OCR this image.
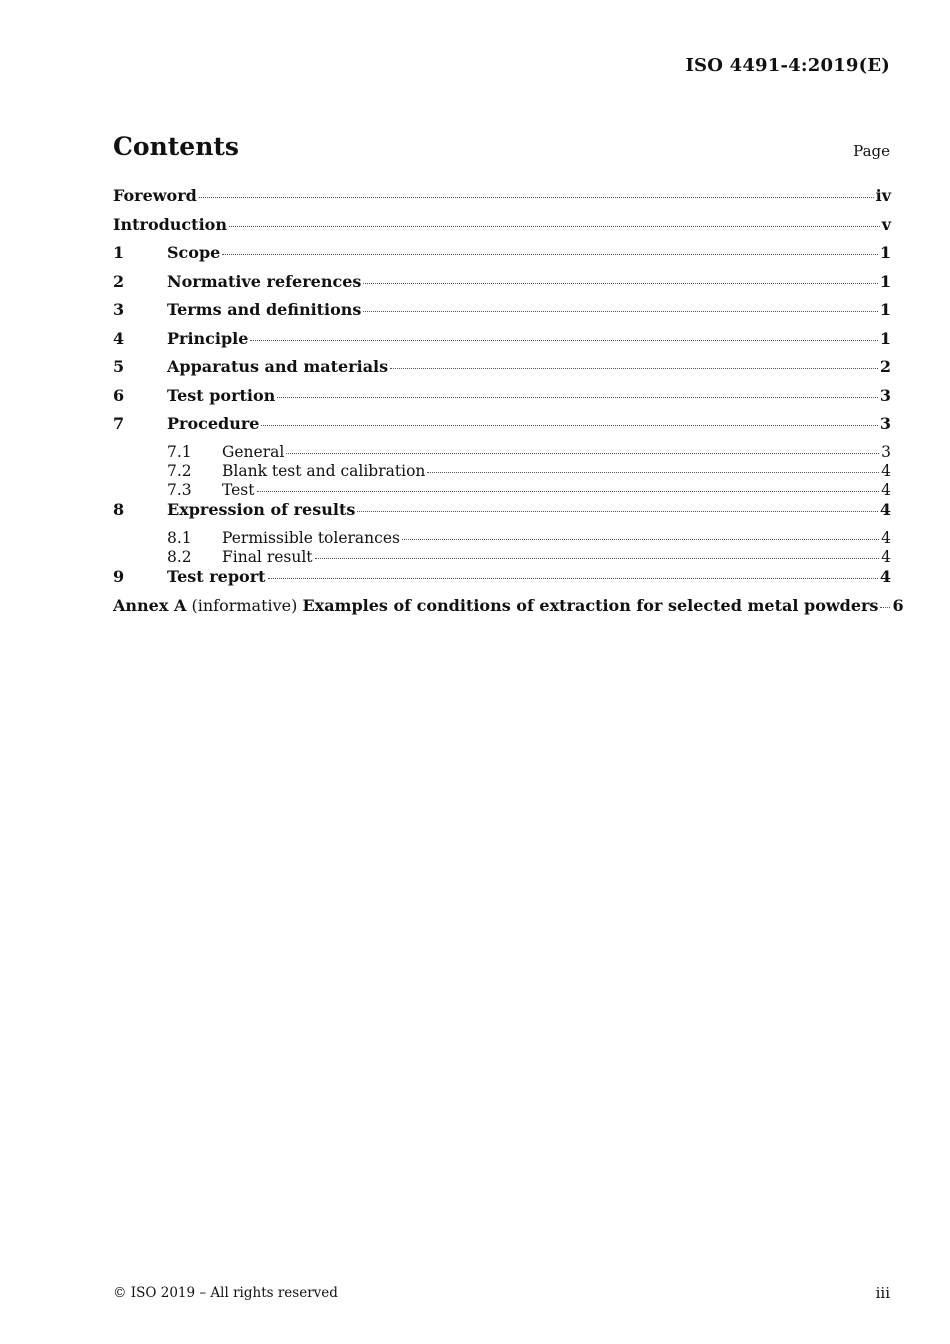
ISO 4491-4:2019(E)
Contents	Page
Foreword	iv
Introduction	v
1	Scope	1
2	Normative references	1
3	Terms and definitions	1
4	Principle	1
5	Apparatus and materials	2
6	Test portion	3
7	Procedure	3
7.1	General	3
7.2	Blank test and calibration	4
7.3	Test	4
8	Expression of results	4
8.1	Permissible tolerances	4
8.2	Final result	4
9	Test report	4
Annex A (informative) Examples of conditions of extraction for selected metal powders 6
© ISO 2019 – All rights reserved	iii
